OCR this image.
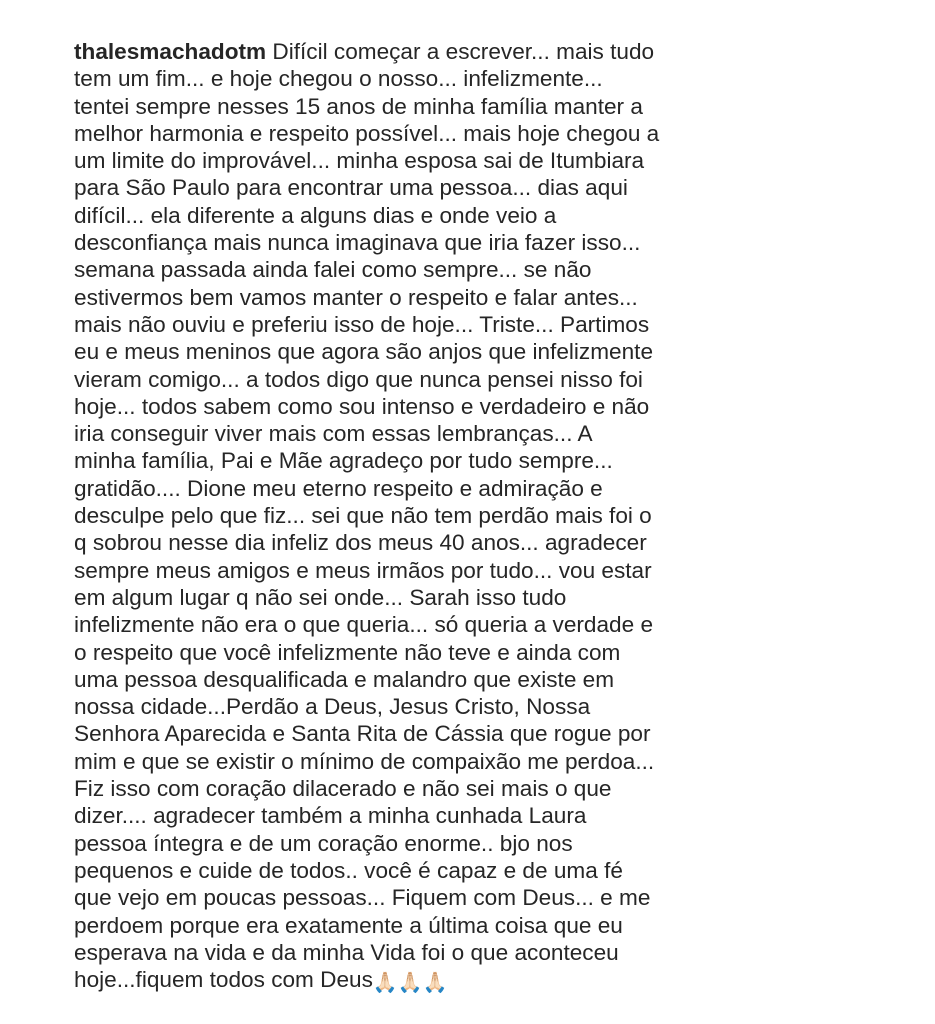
thalesmachadotm Difícil começar a escrever... mais tudo
tem um fim... e hoje chegou o nosso... infelizmente...
tentei sempre nesses 15 anos de minha família manter a
melhor harmonia e respeito possível... mais hoje chegou a
um limite do improvável... minha esposa sai de Itumbiara
para São Paulo para encontrar uma pessoa... dias aqui
difícil... ela diferente a alguns dias e onde veio a
desconfiança mais nunca imaginava que iria fazer isso...
semana passada ainda falei como sempre... se não
estivermos bem vamos manter o respeito e falar antes...
mais não ouviu e preferiu isso de hoje... Triste... Partimos
eu e meus meninos que agora são anjos que infelizmente
vieram comigo... a todos digo que nunca pensei nisso foi
hoje... todos sabem como sou intenso e verdadeiro e não
iria conseguir viver mais com essas lembranças... A
minha família, Pai e Mãe agradeço por tudo sempre...
gratidão.... Dione meu eterno respeito e admiração e
desculpe pelo que fiz... sei que não tem perdão mais foi o
q sobrou nesse dia infeliz dos meus 40 anos... agradecer
sempre meus amigos e meus irmãos por tudo... vou estar
em algum lugar q não sei onde... Sarah isso tudo
infelizmente não era o que queria... só queria a verdade e
o respeito que você infelizmente não teve e ainda com
uma pessoa desqualificada e malandro que existe em
nossa cidade...Perdão a Deus, Jesus Cristo, Nossa
Senhora Aparecida e Santa Rita de Cássia que rogue por
mim e que se existir o mínimo de compaixão me perdoa...
Fiz isso com coração dilacerado e não sei mais o que
dizer.... agradecer também a minha cunhada Laura
pessoa íntegra e de um coração enorme.. bjo nos
pequenos e cuide de todos.. você é capaz e de uma fé
que vejo em poucas pessoas... Fiquem com Deus... e me
perdoem porque era exatamente a última coisa que eu
esperava na vida e da minha Vida foi o que aconteceu
hoje...fiquem todos com Deus🙏🏻🙏🏻🙏🏻
